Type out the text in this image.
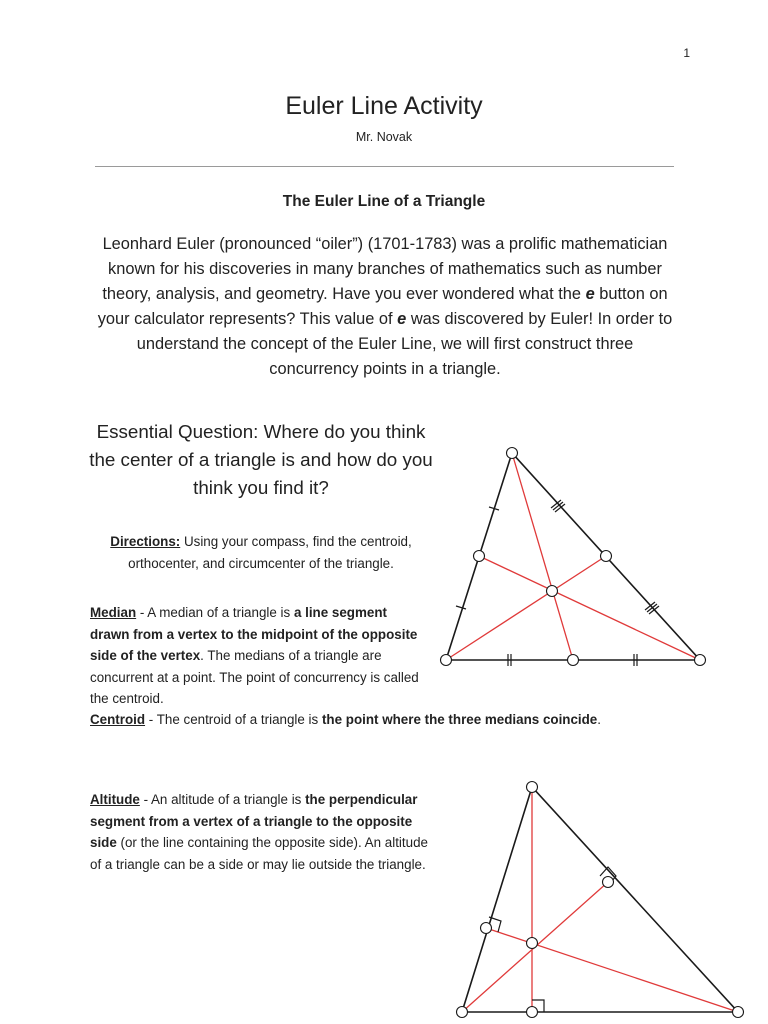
1
Euler Line Activity
Mr. Novak
The Euler Line of a Triangle
Leonhard Euler (pronounced “oiler”) (1701-1783) was a prolific mathematician known for his discoveries in many branches of mathematics such as number theory, analysis, and geometry. Have you ever wondered what the e button on your calculator represents? This value of e was discovered by Euler! In order to understand the concept of the Euler Line, we will first construct three concurrency points in a triangle.
Essential Question: Where do you think the center of a triangle is and how do you think you find it?
Directions: Using your compass, find the centroid, orthocenter, and circumcenter of the triangle.
Median - A median of a triangle is a line segment drawn from a vertex to the midpoint of the opposite side of the vertex. The medians of a triangle are concurrent at a point. The point of concurrency is called the centroid.
Centroid - The centroid of a triangle is the point where the three medians coincide.
Altitude - An altitude of a triangle is the perpendicular segment from a vertex of a triangle to the opposite side (or the line containing the opposite side). An altitude of a triangle can be a side or may lie outside the triangle.
